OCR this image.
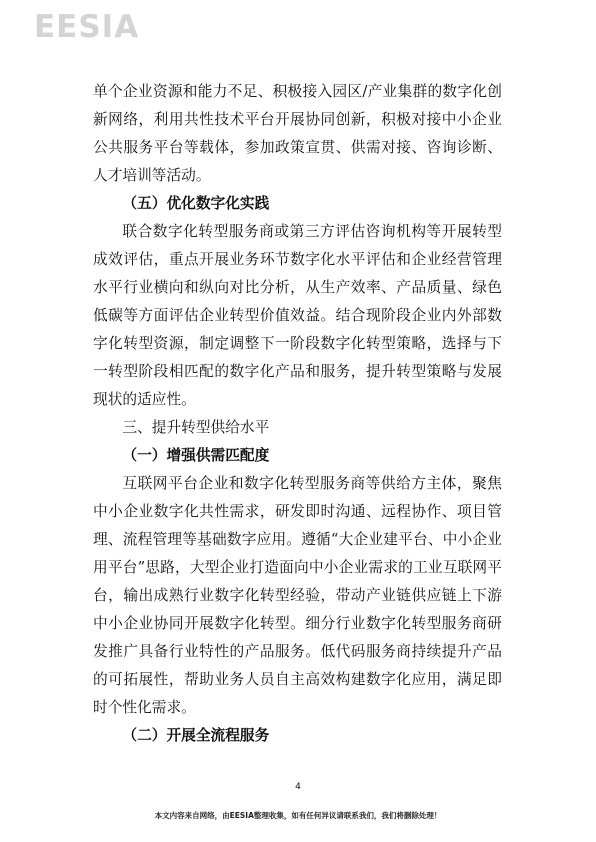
EESIA

单个企业资源和能力不足、积极接入园区/产业集群的数字化创新网络，利用共性技术平台开展协同创新，积极对接中小企业公共服务平台等载体，参加政策宣贯、供需对接、咨询诊断、人才培训等活动。

（五）优化数字化实践

联合数字化转型服务商或第三方评估咨询机构等开展转型成效评估，重点开展业务环节数字化水平评估和企业经营管理水平行业横向和纵向对比分析，从生产效率、产品质量、绿色低碳等方面评估企业转型价值效益。结合现阶段企业内外部数字化转型资源，制定调整下一阶段数字化转型策略，选择与下一转型阶段相匹配的数字化产品和服务，提升转型策略与发展现状的适应性。

三、提升转型供给水平

（一）增强供需匹配度

互联网平台企业和数字化转型服务商等供给方主体，聚焦中小企业数字化共性需求，研发即时沟通、远程协作、项目管理、流程管理等基础数字应用。遵循“大企业建平台、中小企业用平台”思路，大型企业打造面向中小企业需求的工业互联网平台，输出成熟行业数字化转型经验，带动产业链供应链上下游中小企业协同开展数字化转型。细分行业数字化转型服务商研发推广具备行业特性的产品服务。低代码服务商持续提升产品的可拓展性，帮助业务人员自主高效构建数字化应用，满足即时个性化需求。

（二）开展全流程服务

4
本文内容来自网络，由EESIA整理收集，如有任何异议请联系我们，我们将删除处理！
